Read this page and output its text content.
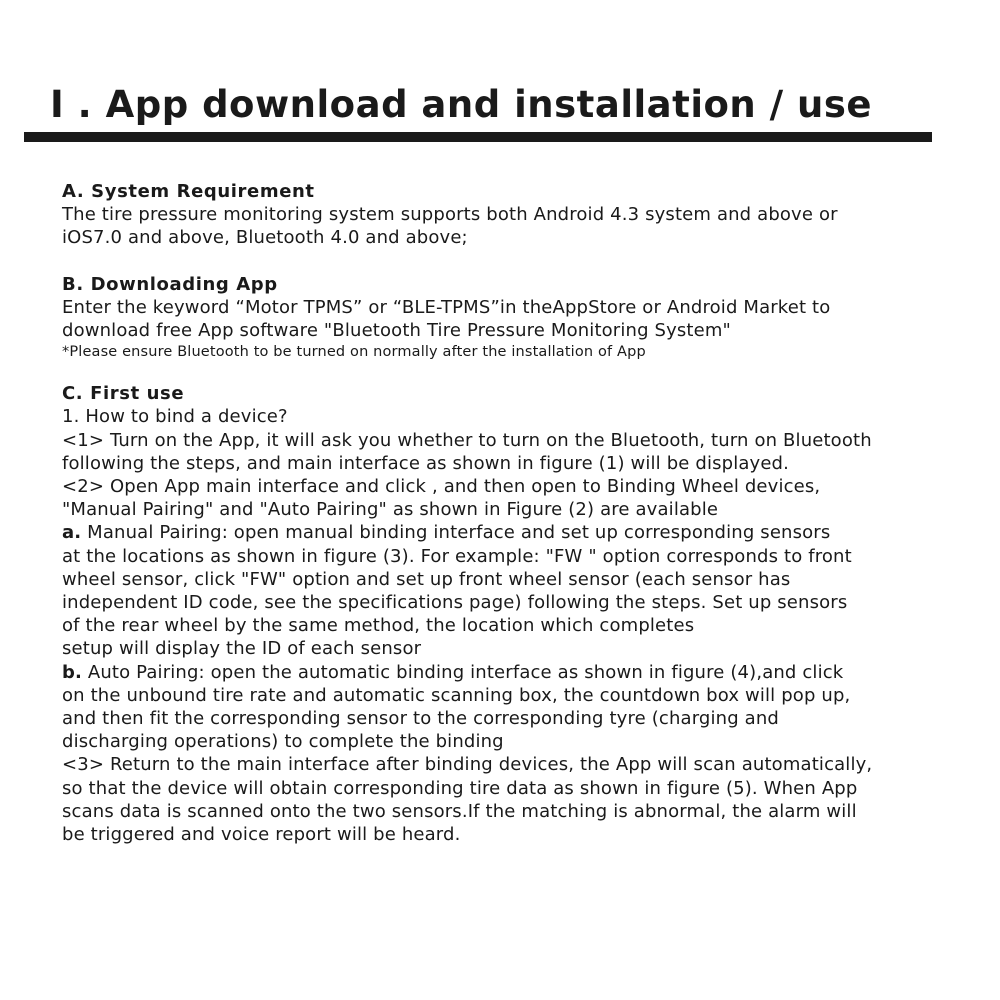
I . App download and installation / use
A. System Requirement
The tire pressure monitoring system supports both Android 4.3 system and above or
iOS7.0 and above, Bluetooth 4.0 and above;
B. Downloading App
Enter the keyword “Motor TPMS” or “BLE-TPMS”in theAppStore or Android Market to
download free App software "Bluetooth Tire Pressure Monitoring System"
*Please ensure Bluetooth to be turned on normally after the installation of App
C. First use
1. How to bind a device?
<1> Turn on the App, it will ask you whether to turn on the Bluetooth, turn on Bluetooth
following the steps, and main interface as shown in figure (1) will be displayed.
<2> Open App main interface and click , and then open to Binding Wheel devices,
"Manual Pairing" and "Auto Pairing" as shown in Figure (2) are available
a. Manual Pairing: open manual binding interface and set up corresponding sensors
at the locations as shown in figure (3). For example: "FW " option corresponds to front
wheel sensor, click "FW" option and set up front wheel sensor (each sensor has
independent ID code, see the specifications page) following the steps. Set up sensors
of the rear wheel by the same method, the location which completes
setup will display the ID of each sensor
b. Auto Pairing: open the automatic binding interface as shown in figure (4),and click
on the unbound tire rate and automatic scanning box, the countdown box will pop up,
and then fit the corresponding sensor to the corresponding tyre (charging and
discharging operations) to complete the binding
<3> Return to the main interface after binding devices, the App will scan automatically,
so that the device will obtain corresponding tire data as shown in figure (5). When App
scans data is scanned onto the two sensors.If the matching is abnormal, the alarm will
be triggered and voice report will be heard.
